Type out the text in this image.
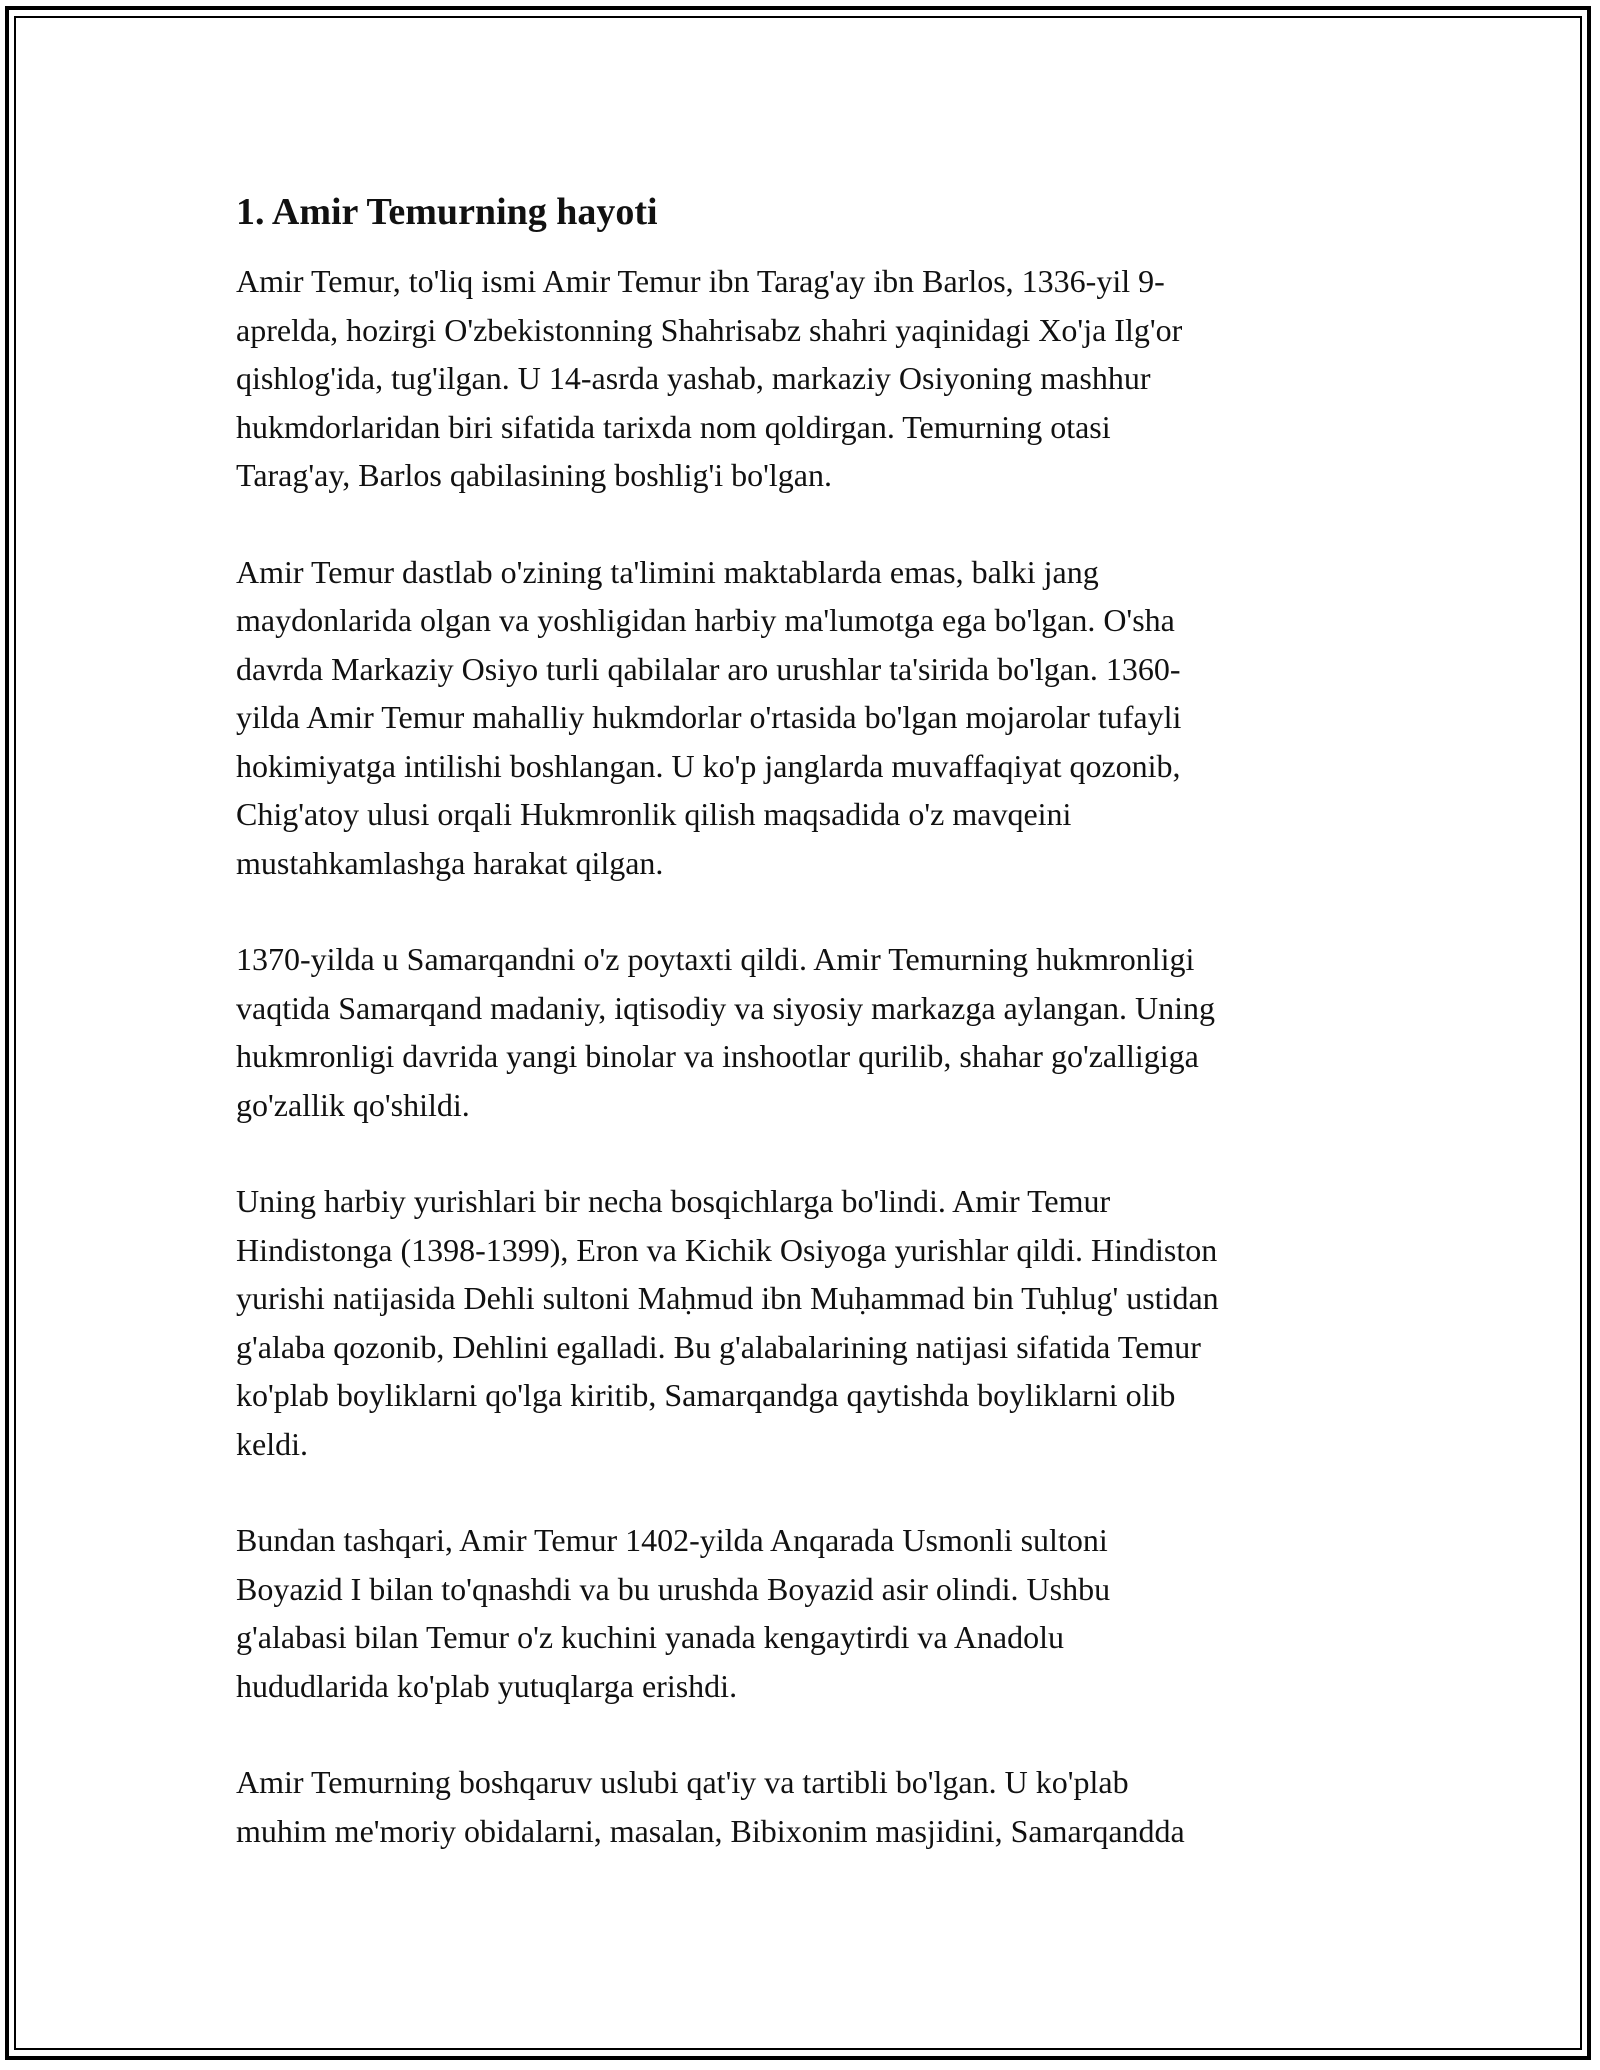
1. Amir Temurning hayoti

Amir Temur, to'liq ismi Amir Temur ibn Tarag'ay ibn Barlos, 1336-yil 9-
aprelda, hozirgi O'zbekistonning Shahrisabz shahri yaqinidagi Xo'ja Ilg'or
qishlog'ida, tug'ilgan. U 14-asrda yashab, markaziy Osiyoning mashhur
hukmdorlaridan biri sifatida tarixda nom qoldirgan. Temurning otasi
Tarag'ay, Barlos qabilasining boshlig'i bo'lgan.

Amir Temur dastlab o'zining ta'limini maktablarda emas, balki jang
maydonlarida olgan va yoshligidan harbiy ma'lumotga ega bo'lgan. O'sha
davrda Markaziy Osiyo turli qabilalar aro urushlar ta'sirida bo'lgan. 1360-
yilda Amir Temur mahalliy hukmdorlar o'rtasida bo'lgan mojarolar tufayli
hokimiyatga intilishi boshlangan. U ko'p janglarda muvaffaqiyat qozonib,
Chig'atoy ulusi orqali Hukmronlik qilish maqsadida o'z mavqeini
mustahkamlashga harakat qilgan.

1370-yilda u Samarqandni o'z poytaxti qildi. Amir Temurning hukmronligi
vaqtida Samarqand madaniy, iqtisodiy va siyosiy markazga aylangan. Uning
hukmronligi davrida yangi binolar va inshootlar qurilib, shahar go'zalligiga
go'zallik qo'shildi.

Uning harbiy yurishlari bir necha bosqichlarga bo'lindi. Amir Temur
Hindistonga (1398-1399), Eron va Kichik Osiyoga yurishlar qildi. Hindiston
yurishi natijasida Dehli sultoni Maḥmud ibn Muḥammad bin Tuḥlug' ustidan
g'alaba qozonib, Dehlini egalladi. Bu g'alabalarining natijasi sifatida Temur
ko'plab boyliklarni qo'lga kiritib, Samarqandga qaytishda boyliklarni olib
keldi.

Bundan tashqari, Amir Temur 1402-yilda Anqarada Usmonli sultoni
Boyazid I bilan to'qnashdi va bu urushda Boyazid asir olindi. Ushbu
g'alabasi bilan Temur o'z kuchini yanada kengaytirdi va Anadolu
hududlarida ko'plab yutuqlarga erishdi.

Amir Temurning boshqaruv uslubi qat'iy va tartibli bo'lgan. U ko'plab
muhim me'moriy obidalarni, masalan, Bibixonim masjidini, Samarqandda
